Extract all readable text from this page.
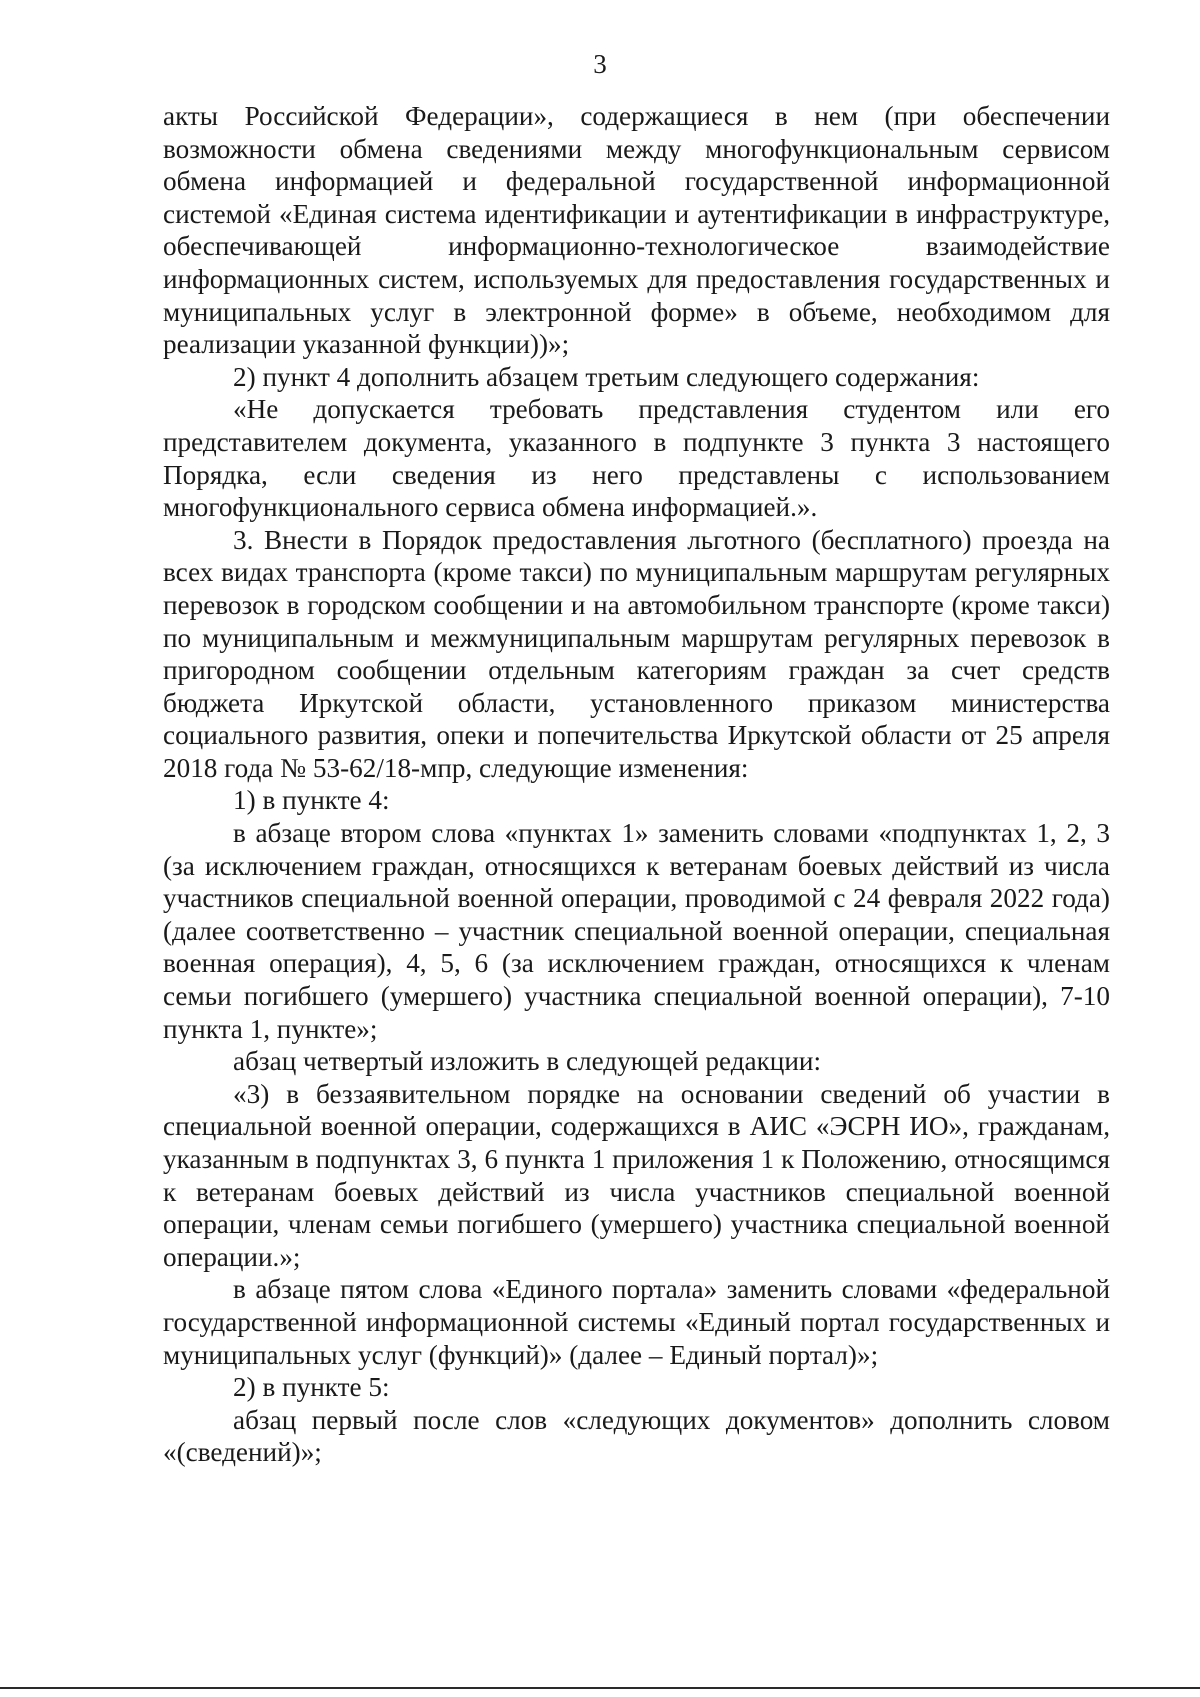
3

акты Российской Федерации», содержащиеся в нем (при обеспечении возможности обмена сведениями между многофункциональным сервисом обмена информацией и федеральной государственной информационной системой «Единая система идентификации и аутентификации в инфраструктуре, обеспечивающей информационно-технологическое взаимодействие информационных систем, используемых для предоставления государственных и муниципальных услуг в электронной форме» в объеме, необходимом для реализации указанной функции))»;

2) пункт 4 дополнить абзацем третьим следующего содержания:

«Не допускается требовать представления студентом или его представителем документа, указанного в подпункте 3 пункта 3 настоящего Порядка, если сведения из него представлены с использованием многофункционального сервиса обмена информацией.».

3. Внести в Порядок предоставления льготного (бесплатного) проезда на всех видах транспорта (кроме такси) по муниципальным маршрутам регулярных перевозок в городском сообщении и на автомобильном транспорте (кроме такси) по муниципальным и межмуниципальным маршрутам регулярных перевозок в пригородном сообщении отдельным категориям граждан за счет средств бюджета Иркутской области, установленного приказом министерства социального развития, опеки и попечительства Иркутской области от 25 апреля 2018 года № 53-62/18-мпр, следующие изменения:

1) в пункте 4:

в абзаце втором слова «пунктах 1» заменить словами «подпунктах 1, 2, 3 (за исключением граждан, относящихся к ветеранам боевых действий из числа участников специальной военной операции, проводимой с 24 февраля 2022 года) (далее соответственно – участник специальной военной операции, специальная военная операция), 4, 5, 6 (за исключением граждан, относящихся к членам семьи погибшего (умершего) участника специальной военной операции), 7-10 пункта 1, пункте»;

абзац четвертый изложить в следующей редакции:

«3) в беззаявительном порядке на основании сведений об участии в специальной военной операции, содержащихся в АИС «ЭСРН ИО», гражданам, указанным в подпунктах 3, 6 пункта 1 приложения 1 к Положению, относящимся к ветеранам боевых действий из числа участников специальной военной операции, членам семьи погибшего (умершего) участника специальной военной операции.»;

в абзаце пятом слова «Единого портала» заменить словами «федеральной государственной информационной системы «Единый портал государственных и муниципальных услуг (функций)» (далее – Единый портал)»;

2) в пункте 5:

абзац первый после слов «следующих документов» дополнить словом «(сведений)»;
